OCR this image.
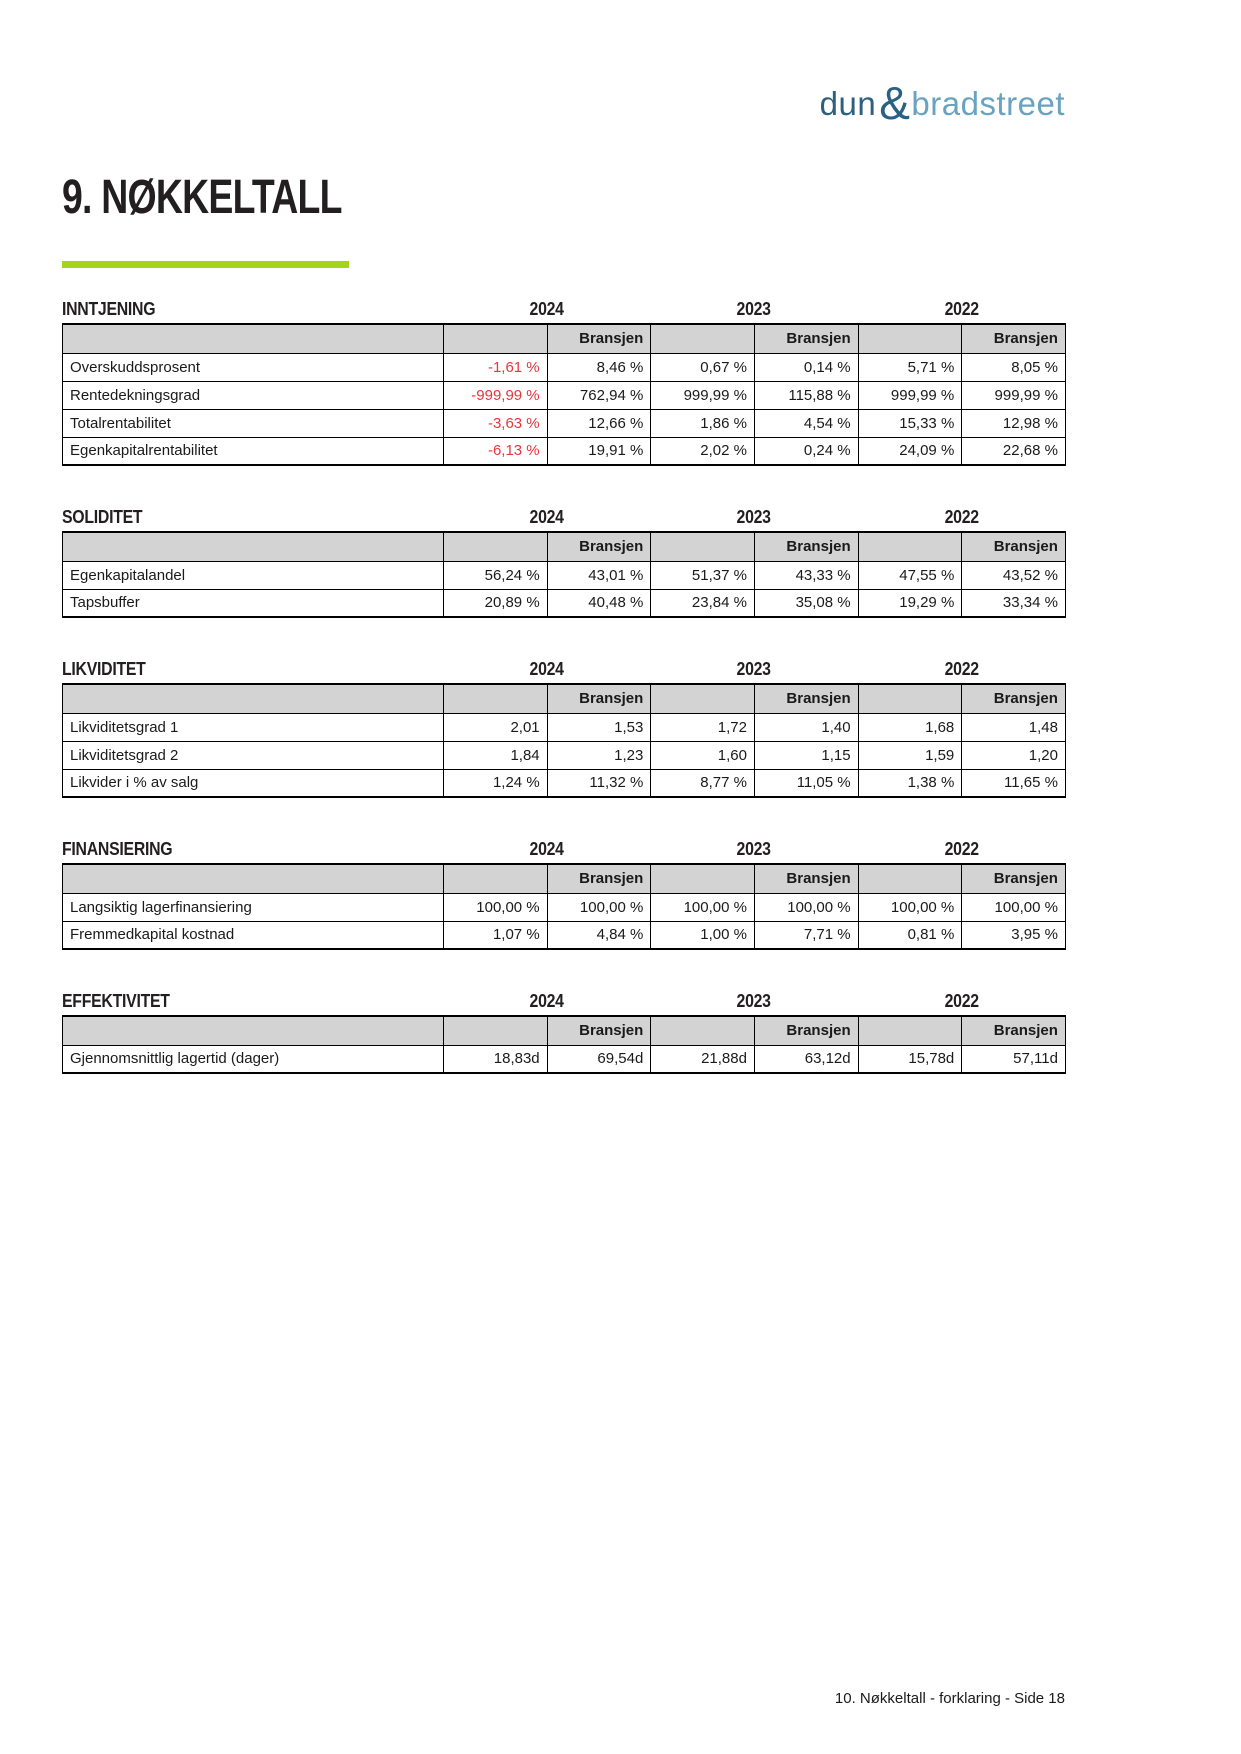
dun&bradstreet
9. NØKKELTALL
INNTJENING	2024	2023	2022
		Bransjen		Bransjen		Bransjen
Overskuddsprosent	-1,61 %	8,46 %	0,67 %	0,14 %	5,71 %	8,05 %
Rentedekningsgrad	-999,99 %	762,94 %	999,99 %	115,88 %	999,99 %	999,99 %
Totalrentabilitet	-3,63 %	12,66 %	1,86 %	4,54 %	15,33 %	12,98 %
Egenkapitalrentabilitet	-6,13 %	19,91 %	2,02 %	0,24 %	24,09 %	22,68 %
SOLIDITET	2024	2023	2022
		Bransjen		Bransjen		Bransjen
Egenkapitalandel	56,24 %	43,01 %	51,37 %	43,33 %	47,55 %	43,52 %
Tapsbuffer	20,89 %	40,48 %	23,84 %	35,08 %	19,29 %	33,34 %
LIKVIDITET	2024	2023	2022
		Bransjen		Bransjen		Bransjen
Likviditetsgrad 1	2,01	1,53	1,72	1,40	1,68	1,48
Likviditetsgrad 2	1,84	1,23	1,60	1,15	1,59	1,20
Likvider i % av salg	1,24 %	11,32 %	8,77 %	11,05 %	1,38 %	11,65 %
FINANSIERING	2024	2023	2022
		Bransjen		Bransjen		Bransjen
Langsiktig lagerfinansiering	100,00 %	100,00 %	100,00 %	100,00 %	100,00 %	100,00 %
Fremmedkapital kostnad	1,07 %	4,84 %	1,00 %	7,71 %	0,81 %	3,95 %
EFFEKTIVITET	2024	2023	2022
		Bransjen		Bransjen		Bransjen
Gjennomsnittlig lagertid (dager)	18,83d	69,54d	21,88d	63,12d	15,78d	57,11d
10. Nøkkeltall - forklaring - Side 18
